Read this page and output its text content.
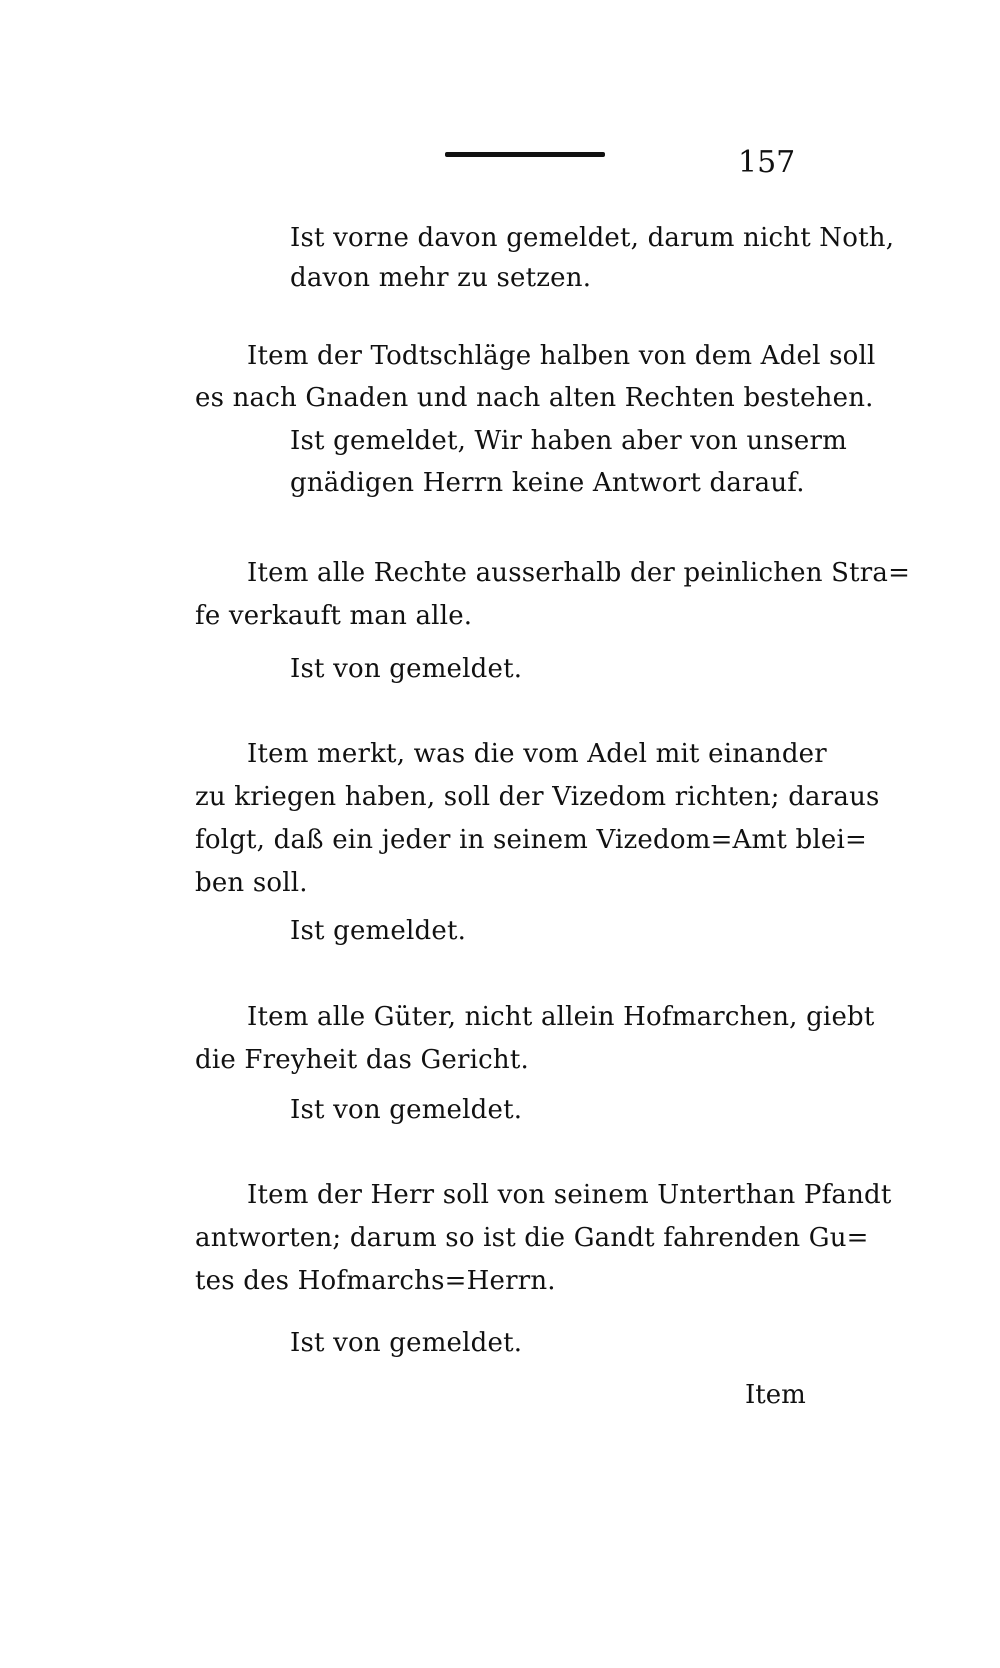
157
Ist vorne davon gemeldet, darum nicht Noth,
davon mehr zu setzen.
Item der Todtschläge halben von dem Adel soll
es nach Gnaden und nach alten Rechten bestehen.
Ist gemeldet, Wir haben aber von unserm
gnädigen Herrn keine Antwort darauf.
Item alle Rechte ausserhalb der peinlichen Stra=
fe verkauft man alle.
Ist von gemeldet.
Item merkt, was die vom Adel mit einander
zu kriegen haben, soll der Vizedom richten; daraus
folgt, daß ein jeder in seinem Vizedom=Amt blei=
ben soll.
Ist gemeldet.
Item alle Güter, nicht allein Hofmarchen, giebt
die Freyheit das Gericht.
Ist von gemeldet.
Item der Herr soll von seinem Unterthan Pfandt
antworten; darum so ist die Gandt fahrenden Gu=
tes des Hofmarchs=Herrn.
Ist von gemeldet.
Item
